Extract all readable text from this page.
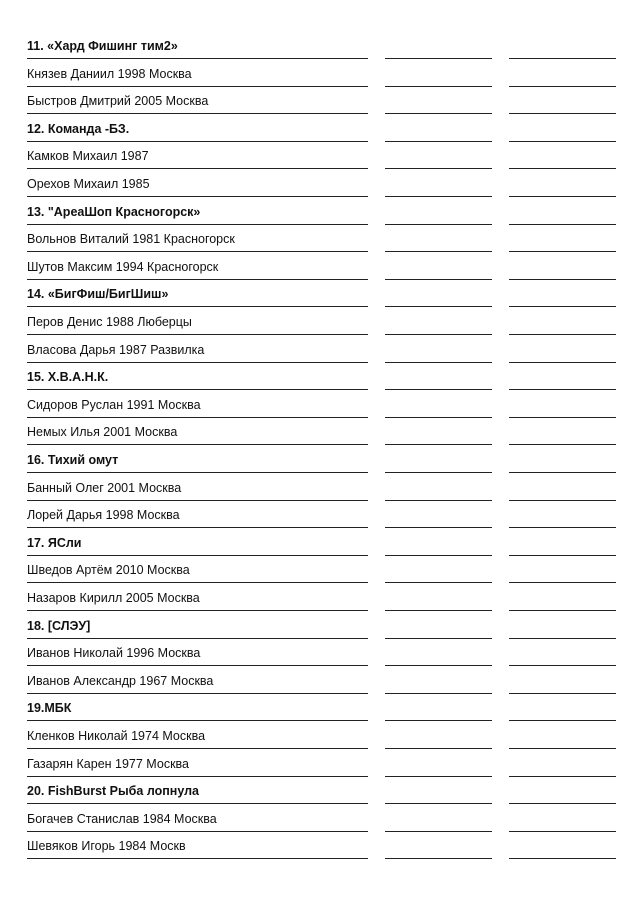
11. «Хард Фишинг тим2»
Князев Даниил 1998 Москва
Быстров Дмитрий 2005 Москва
12. Команда -БЗ.
Камков Михаил 1987
Орехов Михаил 1985
13. "АреаШоп Красногорск»
Вольнов Виталий 1981 Красногорск
Шутов Максим 1994 Красногорск
14. «БигФиш/БигШиш»
Перов Денис 1988 Люберцы
Власова Дарья 1987 Развилка
15. Х.В.А.Н.К.
Сидоров Руслан 1991 Москва
Немых Илья 2001 Москва
16. Тихий омут
Банный Олег 2001 Москва
Лорей Дарья 1998 Москва
17. ЯСли
Шведов Артём 2010 Москва
Назаров Кирилл 2005 Москва
18. [СЛЭУ]
Иванов Николай 1996 Москва
Иванов Александр 1967 Москва
19.МБК
Кленков Николай 1974 Москва
Газарян Карен 1977 Москва
20. FishBurst Рыба лопнула
Богачев Станислав 1984 Москва
Шевяков Игорь 1984 Москв
